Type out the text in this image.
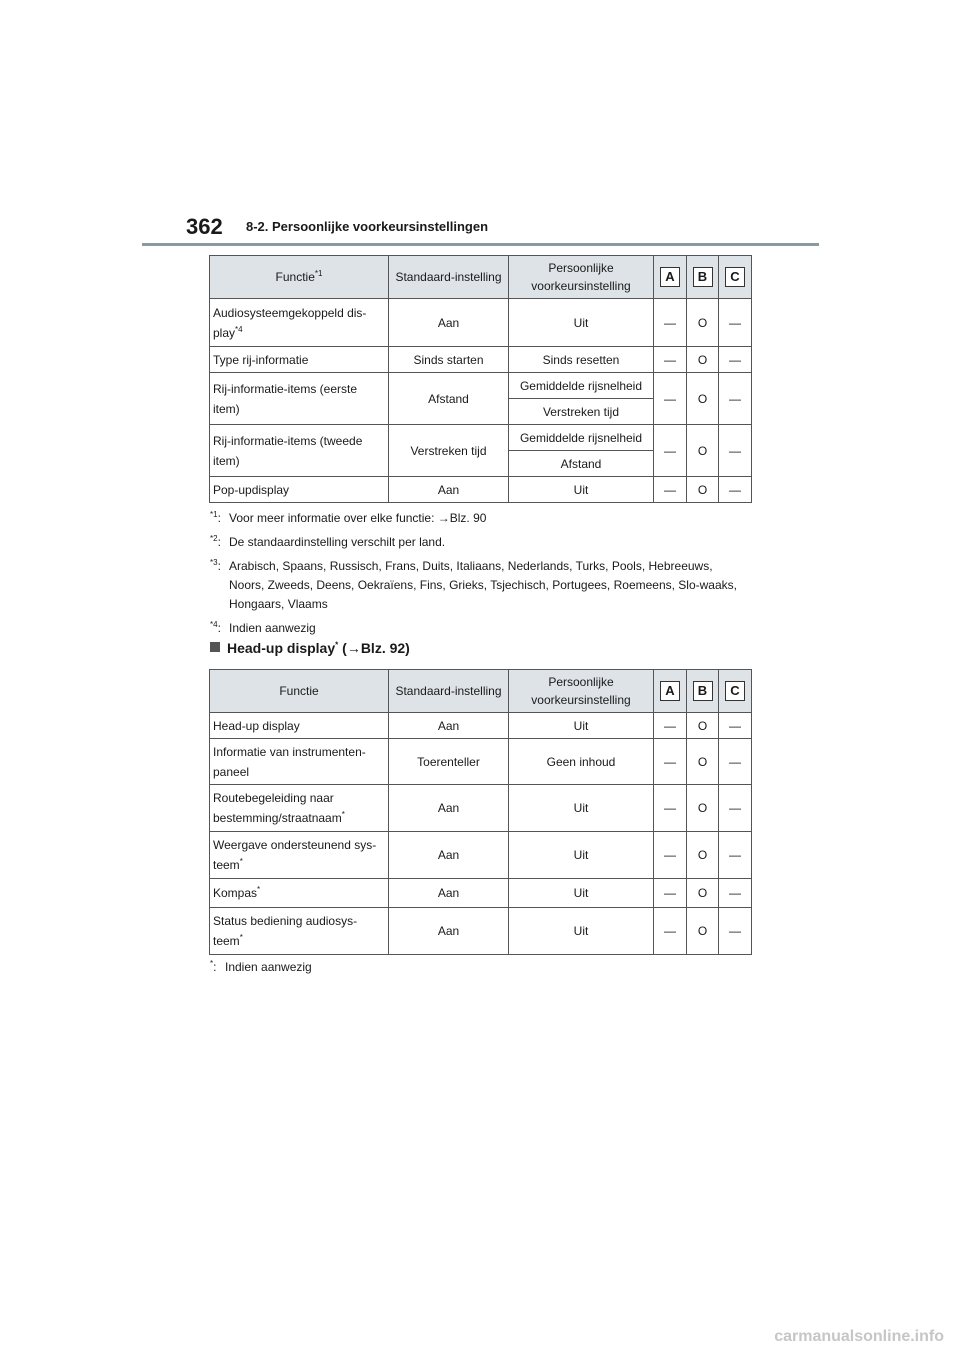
362 8-2. Persoonlijke voorkeursinstellingen

Functie$^{*1}$	Standaard-instelling	Persoonlijke voorkeursinstelling	A	B	C
Audiosysteemgekoppeld dis-play$^{*4}$	Aan	Uit	—	O	—
Type rij-informatie	Sinds starten	Sinds resetten	—	O	—
Rij-informatie-items (eerste item)	Afstand	Gemiddelde rijsnelheid	—	O	—
		Verstreken tijd			
Rij-informatie-items (tweede item)	Verstreken tijd	Gemiddelde rijsnelheid	—	O	—
		Afstand			
Pop-updisplay	Aan	Uit	—	O	—
$^{*1}$: Voor meer informatie over elke functie: →Blz. 90
$^{*2}$: De standaardinstelling verschilt per land.
$^{*3}$: Arabisch, Spaans, Russisch, Frans, Duits, Italiaans, Nederlands, Turks, Pools, Hebreeuws, Noors, Zweeds, Deens, Oekraïens, Fins, Grieks, Tsjechisch, Portugees, Roemeens, Slo-waaks, Hongaars, Vlaams
$^{*4}$: Indien aanwezig
Head-up display* (→Blz. 92)
Functie	Standaard-instelling	Persoonlijke voorkeursinstelling	A	B	C
Head-up display	Aan	Uit	—	O	—
Informatie van instrumenten-paneel	Toerenteller	Geen inhoud	—	O	—
Routebegeleiding naar bestemming/straatnaam*	Aan	Uit	—	O	—
Weergave ondersteunend sys-teem*	Aan	Uit	—	O	—
Kompas*	Aan	Uit	—	O	—
Status bediening audiosys-teem*	Aan	Uit	—	O	—
*: Indien aanwezig

carmanualsonline.info
